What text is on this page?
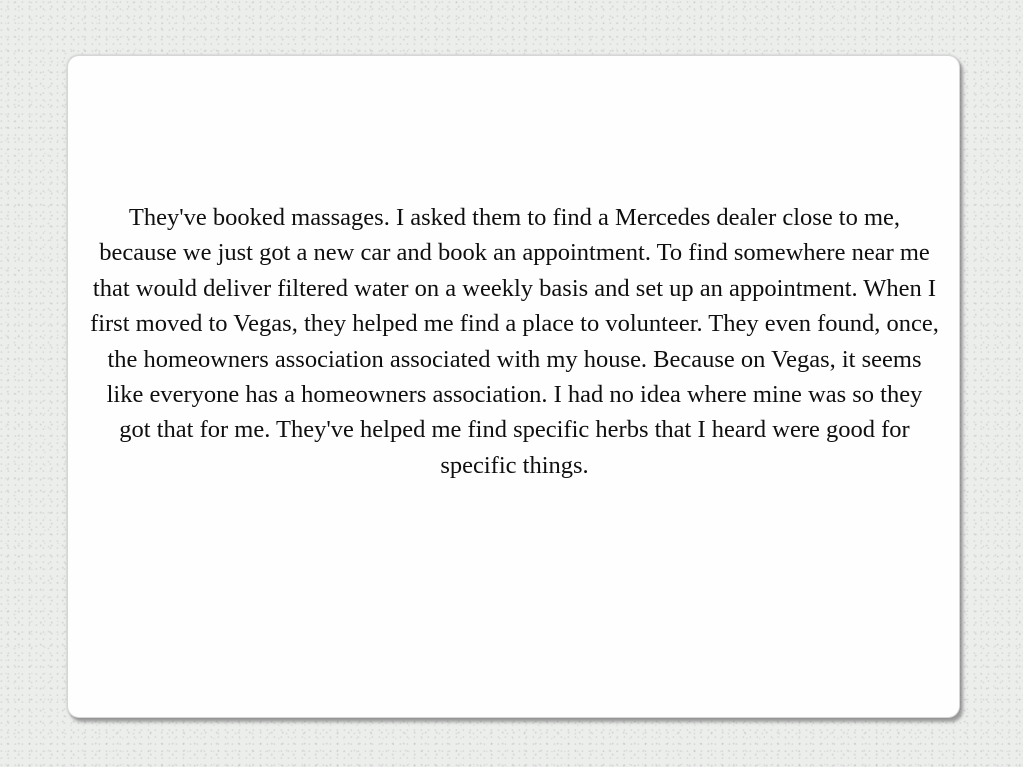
They've booked massages. I asked them to find a Mercedes dealer close to me, because we just got a new car and book an appointment. To find somewhere near me that would deliver filtered water on a weekly basis and set up an appointment. When I first moved to Vegas, they helped me find a place to volunteer. They even found, once, the homeowners association associated with my house. Because on Vegas, it seems like everyone has a homeowners association. I had no idea where mine was so they got that for me. They've helped me find specific herbs that I heard were good for specific things.
